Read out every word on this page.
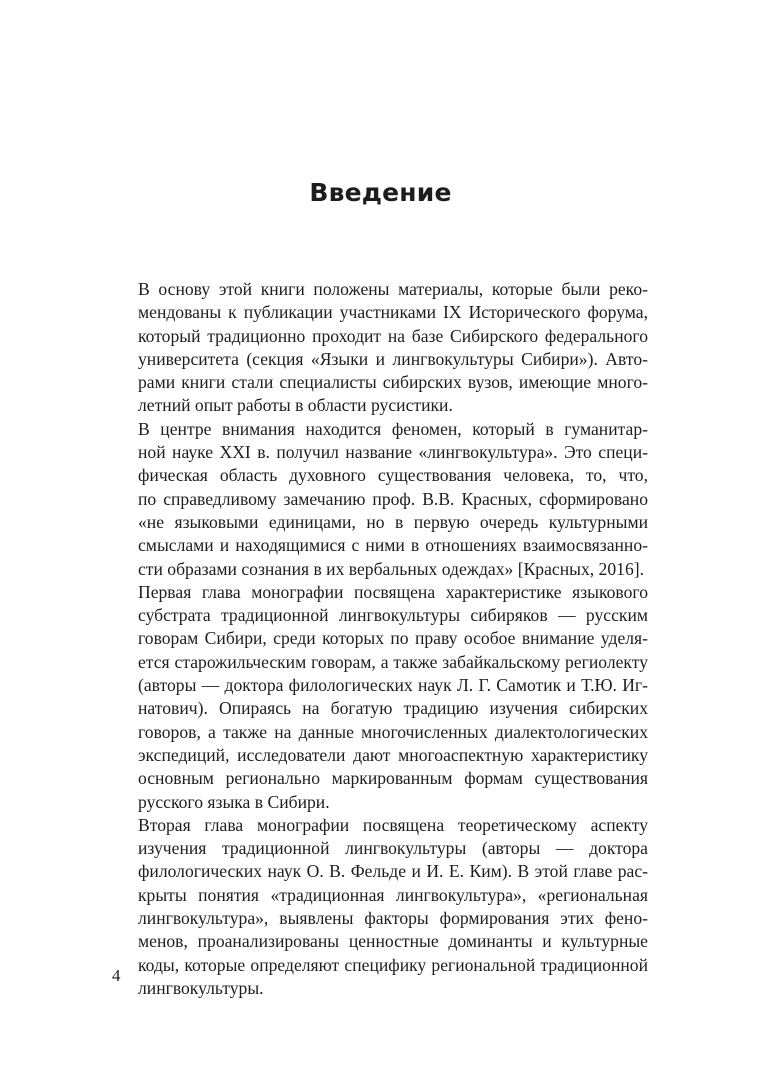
Введение

В основу этой книги положены материалы, которые были реко-
мендованы к публикации участниками IX Исторического форума,
который традиционно проходит на базе Сибирского федерального
университета (секция «Языки и лингвокультуры Сибири»). Авто-
рами книги стали специалисты сибирских вузов, имеющие много-
летний опыт работы в области русистики.

В центре внимания находится феномен, который в гуманитар-
ной науке XXI в. получил название «лингвокультура». Это специ-
фическая область духовного существования человека, то, что,
по справедливому замечанию проф. В.В. Красных, сформировано
«не языковыми единицами, но в первую очередь культурными
смыслами и находящимися с ними в отношениях взаимосвязанно-
сти образами сознания в их вербальных одеждах» [Красных, 2016].

Первая глава монографии посвящена характеристике языкового
субстрата традиционной лингвокультуры сибиряков — русским
говорам Сибири, среди которых по праву особое внимание уделя-
ется старожильческим говорам, а также забайкальскому региолекту
(авторы — доктора филологических наук Л. Г. Самотик и Т.Ю. Иг-
натович). Опираясь на богатую традицию изучения сибирских
говоров, а также на данные многочисленных диалектологических
экспедиций, исследователи дают многоаспектную характеристику
основным регионально маркированным формам существования
русского языка в Сибири.

Вторая глава монографии посвящена теоретическому аспекту
изучения традиционной лингвокультуры (авторы — доктора
филологических наук О. В. Фельде и И. Е. Ким). В этой главе рас-
крыты понятия «традиционная лингвокультура», «региональная
лингвокультура», выявлены факторы формирования этих фено-
менов, проанализированы ценностные доминанты и культурные
коды, которые определяют специфику региональной традиционной
лингвокультуры.

4
